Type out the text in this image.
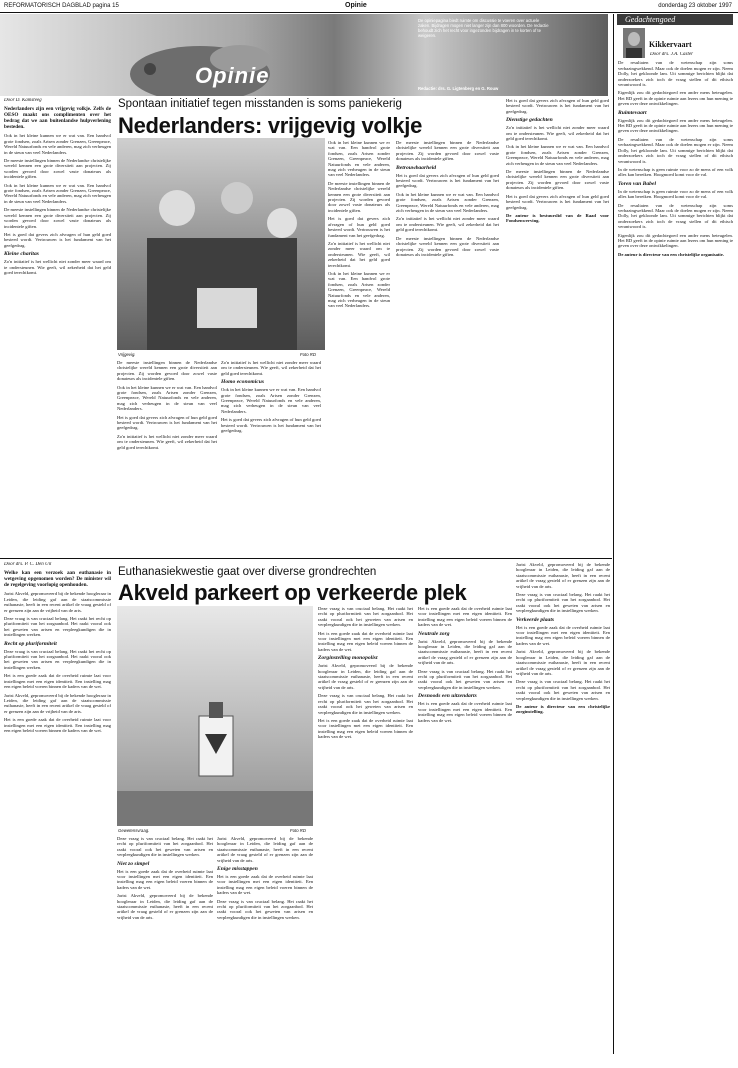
REFORMATORISCH DAGBLAD pagina 15	Opinie	donderdag 23 oktober 1997
Opinie
De opiniepagina biedt ruimte om discussie te voeren over actuele zaken. Bijdragen mogen niet langer zijn dan 800 woorden. De redactie behoudt zich het recht voor ingezonden bijdragen in te korten of te weigeren.
Redactie: drs. G. Ligtenberg en G. Rouw
Gedachtengoed
Kikkervaart
Door drs. J.A. Caster

De resultaten van de wetenschap zijn soms verbazingwekkend. Maar ook de doelen mogen er zijn. Neem Dolly, het gekloonde lam. Uit sommige berichten blijkt dat onderzoekers zich toch de vraag stellen of dit ethisch verantwoord is.

Eigenlijk zou dit gedachtegoed een ander mens beteugelen. Het RD geeft in de opinie ruimte aan lezers om hun mening te geven over deze ontwikkelingen.

Ruimtevaart

Eigenlijk zou dit gedachtegoed een ander mens beteugelen. Het RD geeft in de opinie ruimte aan lezers om hun mening te geven over deze ontwikkelingen.

De resultaten van de wetenschap zijn soms verbazingwekkend. Maar ook de doelen mogen er zijn. Neem Dolly, het gekloonde lam. Uit sommige berichten blijkt dat onderzoekers zich toch de vraag stellen of dit ethisch verantwoord is.

In de wetenschap is geen ruimte voor zo de mens of een volk alles kan bereiken. Hoogmoed komt voor de val.

Toren van Babel

In de wetenschap is geen ruimte voor zo de mens of een volk alles kan bereiken. Hoogmoed komt voor de val.

De resultaten van de wetenschap zijn soms verbazingwekkend. Maar ook de doelen mogen er zijn. Neem Dolly, het gekloonde lam. Uit sommige berichten blijkt dat onderzoekers zich toch de vraag stellen of dit ethisch verantwoord is.

Eigenlijk zou dit gedachtegoed een ander mens beteugelen. Het RD geeft in de opinie ruimte aan lezers om hun mening te geven over deze ontwikkelingen.

De auteur is directeur van een christelijke organisatie.

Spontaan initiatief tegen misstanden is soms paniekerig
Nederlanders: vrijgevig volkje
Door D. Kamsteeg

Nederlanders zijn een vrijgevig volkje. Zelfs de OESO maakt ons complimenten over het bedrag dat we aan buitenlandse hulpverlening besteden.

Ook in het kleine kunnen we er wat van. Een handvol grote fondsen, zoals Artsen zonder Grenzen, Greenpeace, Wereld Natuurfonds en vele anderen, mag zich verheugen in de steun van veel Nederlanders.

De meeste instellingen binnen de Nederlandse christelijke wereld kennen een grote diversiteit aan projecten. Zij worden gevoed door zowel vaste donateurs als incidentele giften.

Ook in het kleine kunnen we er wat van. Een handvol grote fondsen, zoals Artsen zonder Grenzen, Greenpeace, Wereld Natuurfonds en vele anderen, mag zich verheugen in de steun van veel Nederlanders.

De meeste instellingen binnen de Nederlandse christelijke wereld kennen een grote diversiteit aan projecten. Zij worden gevoed door zowel vaste donateurs als incidentele giften.

Het is goed dat gevers zich afvragen of hun geld goed besteed wordt. Vertrouwen is het fundament van het geefgedrag.

Kleine charitas

Zo'n initiatief is het wellicht niet zonder meer waard om te ondersteunen. Wie geeft, wil zekerheid dat het geld goed terechtkomt.

Vrijgevig.	Foto RD

De meeste instellingen binnen de Nederlandse christelijke wereld kennen een grote diversiteit aan projecten. Zij worden gevoed door zowel vaste donateurs als incidentele giften.

Ook in het kleine kunnen we er wat van. Een handvol grote fondsen, zoals Artsen zonder Grenzen, Greenpeace, Wereld Natuurfonds en vele anderen, mag zich verheugen in de steun van veel Nederlanders.

Het is goed dat gevers zich afvragen of hun geld goed besteed wordt. Vertrouwen is het fundament van het geefgedrag.

Zo'n initiatief is het wellicht niet zonder meer waard om te ondersteunen. Wie geeft, wil zekerheid dat het geld goed terechtkomt.

Zo'n initiatief is het wellicht niet zonder meer waard om te ondersteunen. Wie geeft, wil zekerheid dat het geld goed terechtkomt.

Homo economicus

Ook in het kleine kunnen we er wat van. Een handvol grote fondsen, zoals Artsen zonder Grenzen, Greenpeace, Wereld Natuurfonds en vele anderen, mag zich verheugen in de steun van veel Nederlanders.

Het is goed dat gevers zich afvragen of hun geld goed besteed wordt. Vertrouwen is het fundament van het geefgedrag.

Ook in het kleine kunnen we er wat van. Een handvol grote fondsen, zoals Artsen zonder Grenzen, Greenpeace, Wereld Natuurfonds en vele anderen, mag zich verheugen in de steun van veel Nederlanders.

De meeste instellingen binnen de Nederlandse christelijke wereld kennen een grote diversiteit aan projecten. Zij worden gevoed door zowel vaste donateurs als incidentele giften.

Het is goed dat gevers zich afvragen of hun geld goed besteed wordt. Vertrouwen is het fundament van het geefgedrag.

Zo'n initiatief is het wellicht niet zonder meer waard om te ondersteunen. Wie geeft, wil zekerheid dat het geld goed terechtkomt.

Ook in het kleine kunnen we er wat van. Een handvol grote fondsen, zoals Artsen zonder Grenzen, Greenpeace, Wereld Natuurfonds en vele anderen, mag zich verheugen in de steun van veel Nederlanders.

De meeste instellingen binnen de Nederlandse christelijke wereld kennen een grote diversiteit aan projecten. Zij worden gevoed door zowel vaste donateurs als incidentele giften.

Betrouwbaarheid

Het is goed dat gevers zich afvragen of hun geld goed besteed wordt. Vertrouwen is het fundament van het geefgedrag.

Ook in het kleine kunnen we er wat van. Een handvol grote fondsen, zoals Artsen zonder Grenzen, Greenpeace, Wereld Natuurfonds en vele anderen, mag zich verheugen in de steun van veel Nederlanders.

Zo'n initiatief is het wellicht niet zonder meer waard om te ondersteunen. Wie geeft, wil zekerheid dat het geld goed terechtkomt.

De meeste instellingen binnen de Nederlandse christelijke wereld kennen een grote diversiteit aan projecten. Zij worden gevoed door zowel vaste donateurs als incidentele giften.

Het is goed dat gevers zich afvragen of hun geld goed besteed wordt. Vertrouwen is het fundament van het geefgedrag.

Dienstige gedachten

Zo'n initiatief is het wellicht niet zonder meer waard om te ondersteunen. Wie geeft, wil zekerheid dat het geld goed terechtkomt.

Ook in het kleine kunnen we er wat van. Een handvol grote fondsen, zoals Artsen zonder Grenzen, Greenpeace, Wereld Natuurfonds en vele anderen, mag zich verheugen in de steun van veel Nederlanders.

De meeste instellingen binnen de Nederlandse christelijke wereld kennen een grote diversiteit aan projecten. Zij worden gevoed door zowel vaste donateurs als incidentele giften.

Het is goed dat gevers zich afvragen of hun geld goed besteed wordt. Vertrouwen is het fundament van het geefgedrag.

De auteur is bestuurslid van de Raad voor Fondsenwerving.

Door drs. P. C. Den Uil

Welke kan een verzoek aan euthanasie in wetgeving opgenomen worden? De minister wil de regelgeving voorlopig openhouden.

Jarist Akveld, gepromoveerd bij de bekende hoogleraar in Leiden, die leiding gaf aan de staatscommissie euthanasie, heeft in een recent artikel de vraag gesteld of er grenzen zijn aan de vrijheid van de arts.

Deze vraag is van cruciaal belang. Het raakt het recht op pluriformiteit van het zorgaanbod. Het raakt vooral ook het geweten van artsen en verpleegkundigen die in instellingen werken.

Recht op pluriformiteit

Deze vraag is van cruciaal belang. Het raakt het recht op pluriformiteit van het zorgaanbod. Het raakt vooral ook het geweten van artsen en verpleegkundigen die in instellingen werken.

Het is een goede zaak dat de overheid ruimte laat voor instellingen met een eigen identiteit. Een instelling mag een eigen beleid voeren binnen de kaders van de wet.

Jarist Akveld, gepromoveerd bij de bekende hoogleraar in Leiden, die leiding gaf aan de staatscommissie euthanasie, heeft in een recent artikel de vraag gesteld of er grenzen zijn aan de vrijheid van de arts.

Het is een goede zaak dat de overheid ruimte laat voor instellingen met een eigen identiteit. Een instelling mag een eigen beleid voeren binnen de kaders van de wet.

Euthanasiekwestie gaat over diverse grondrechten
Akveld parkeert op verkeerde plek
Gewetensvraag.	Foto RD

Deze vraag is van cruciaal belang. Het raakt het recht op pluriformiteit van het zorgaanbod. Het raakt vooral ook het geweten van artsen en verpleegkundigen die in instellingen werken.

Niet zo simpel

Het is een goede zaak dat de overheid ruimte laat voor instellingen met een eigen identiteit. Een instelling mag een eigen beleid voeren binnen de kaders van de wet.

Jarist Akveld, gepromoveerd bij de bekende hoogleraar in Leiden, die leiding gaf aan de staatscommissie euthanasie, heeft in een recent artikel de vraag gesteld of er grenzen zijn aan de vrijheid van de arts.

Jarist Akveld, gepromoveerd bij de bekende hoogleraar in Leiden, die leiding gaf aan de staatscommissie euthanasie, heeft in een recent artikel de vraag gesteld of er grenzen zijn aan de vrijheid van de arts.

Enige misstappen

Het is een goede zaak dat de overheid ruimte laat voor instellingen met een eigen identiteit. Een instelling mag een eigen beleid voeren binnen de kaders van de wet.

Deze vraag is van cruciaal belang. Het raakt het recht op pluriformiteit van het zorgaanbod. Het raakt vooral ook het geweten van artsen en verpleegkundigen die in instellingen werken.

Deze vraag is van cruciaal belang. Het raakt het recht op pluriformiteit van het zorgaanbod. Het raakt vooral ook het geweten van artsen en verpleegkundigen die in instellingen werken.

Het is een goede zaak dat de overheid ruimte laat voor instellingen met een eigen identiteit. Een instelling mag een eigen beleid voeren binnen de kaders van de wet.

Zorginstelling monopolist

Jarist Akveld, gepromoveerd bij de bekende hoogleraar in Leiden, die leiding gaf aan de staatscommissie euthanasie, heeft in een recent artikel de vraag gesteld of er grenzen zijn aan de vrijheid van de arts.

Deze vraag is van cruciaal belang. Het raakt het recht op pluriformiteit van het zorgaanbod. Het raakt vooral ook het geweten van artsen en verpleegkundigen die in instellingen werken.

Het is een goede zaak dat de overheid ruimte laat voor instellingen met een eigen identiteit. Een instelling mag een eigen beleid voeren binnen de kaders van de wet.

Het is een goede zaak dat de overheid ruimte laat voor instellingen met een eigen identiteit. Een instelling mag een eigen beleid voeren binnen de kaders van de wet.

Neutrale zorg

Jarist Akveld, gepromoveerd bij de bekende hoogleraar in Leiden, die leiding gaf aan de staatscommissie euthanasie, heeft in een recent artikel de vraag gesteld of er grenzen zijn aan de vrijheid van de arts.

Deze vraag is van cruciaal belang. Het raakt het recht op pluriformiteit van het zorgaanbod. Het raakt vooral ook het geweten van artsen en verpleegkundigen die in instellingen werken.

Desnoods een uitzendarts

Het is een goede zaak dat de overheid ruimte laat voor instellingen met een eigen identiteit. Een instelling mag een eigen beleid voeren binnen de kaders van de wet.

Jarist Akveld, gepromoveerd bij de bekende hoogleraar in Leiden, die leiding gaf aan de staatscommissie euthanasie, heeft in een recent artikel de vraag gesteld of er grenzen zijn aan de vrijheid van de arts.

Deze vraag is van cruciaal belang. Het raakt het recht op pluriformiteit van het zorgaanbod. Het raakt vooral ook het geweten van artsen en verpleegkundigen die in instellingen werken.

Verkeerde plaats

Het is een goede zaak dat de overheid ruimte laat voor instellingen met een eigen identiteit. Een instelling mag een eigen beleid voeren binnen de kaders van de wet.

Jarist Akveld, gepromoveerd bij de bekende hoogleraar in Leiden, die leiding gaf aan de staatscommissie euthanasie, heeft in een recent artikel de vraag gesteld of er grenzen zijn aan de vrijheid van de arts.

Deze vraag is van cruciaal belang. Het raakt het recht op pluriformiteit van het zorgaanbod. Het raakt vooral ook het geweten van artsen en verpleegkundigen die in instellingen werken.

De auteur is directeur van een christelijke zorginstelling.
